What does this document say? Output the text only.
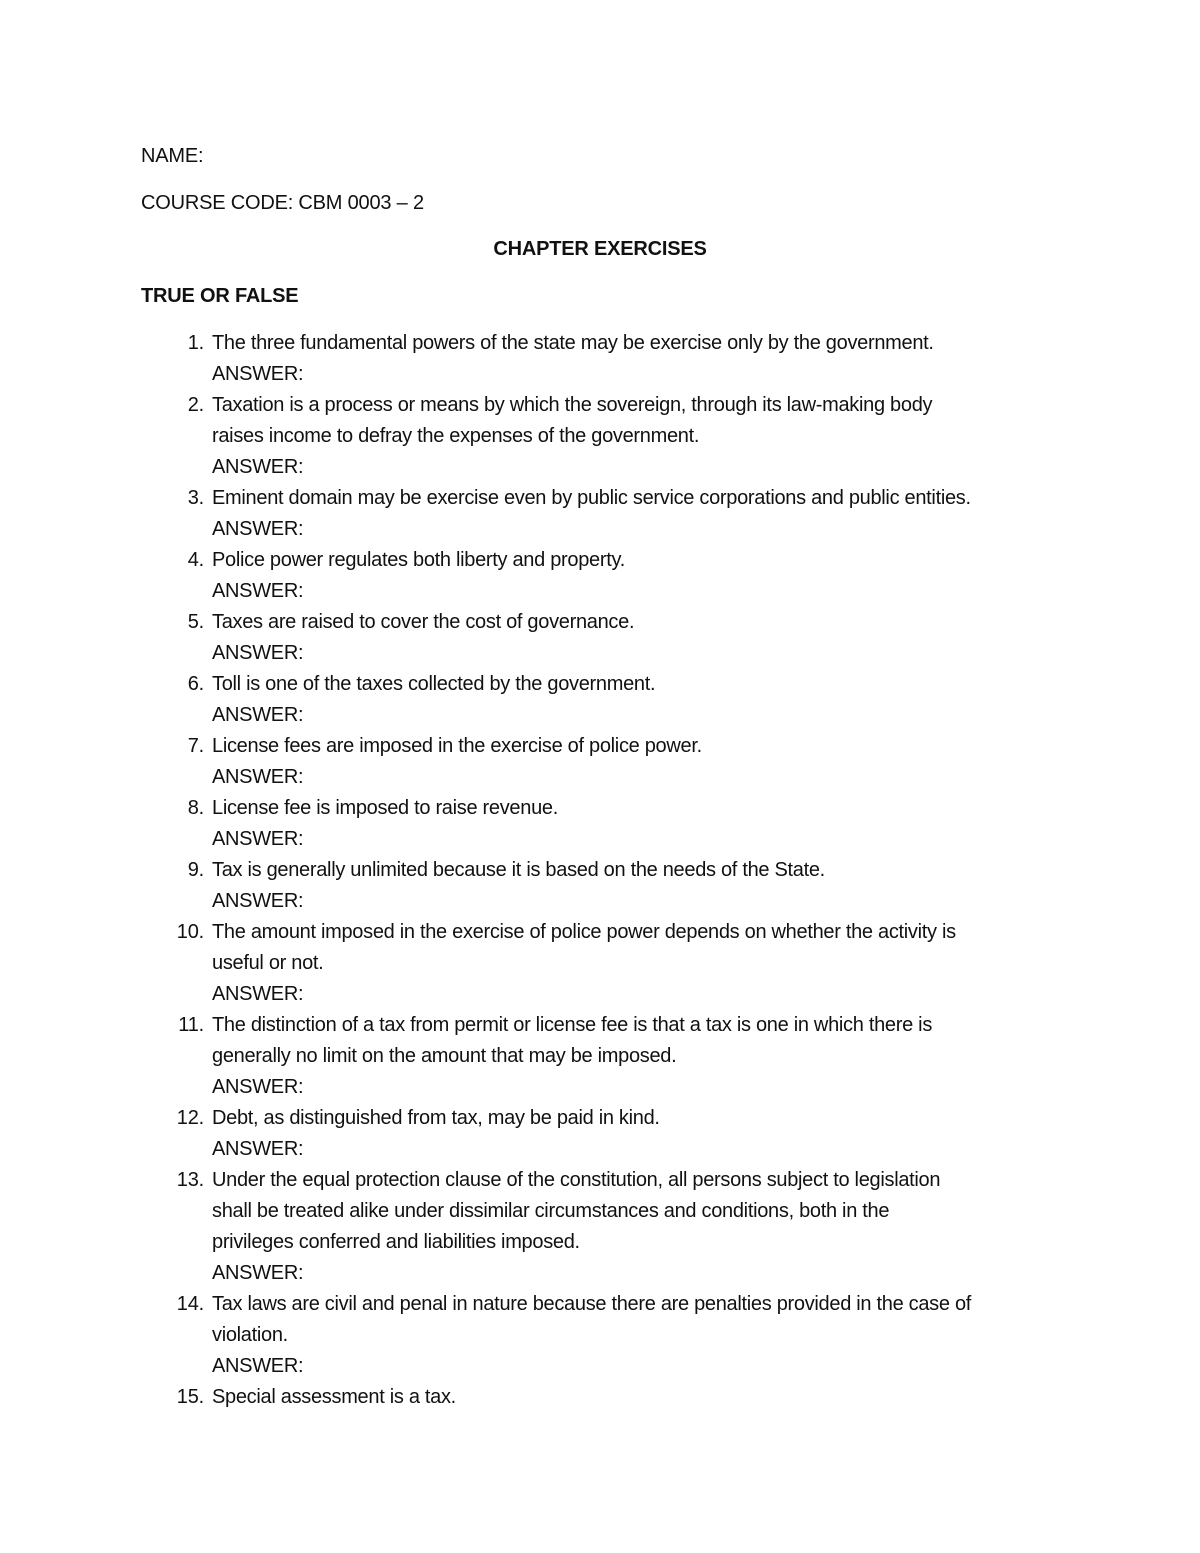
NAME:
COURSE CODE: CBM 0003 – 2
CHAPTER EXERCISES
TRUE OR FALSE
1. The three fundamental powers of the state may be exercise only by the government.
ANSWER:
2. Taxation is a process or means by which the sovereign, through its law-making body
raises income to defray the expenses of the government.
ANSWER:
3. Eminent domain may be exercise even by public service corporations and public entities.
ANSWER:
4. Police power regulates both liberty and property.
ANSWER:
5. Taxes are raised to cover the cost of governance.
ANSWER:
6. Toll is one of the taxes collected by the government.
ANSWER:
7. License fees are imposed in the exercise of police power.
ANSWER:
8. License fee is imposed to raise revenue.
ANSWER:
9. Tax is generally unlimited because it is based on the needs of the State.
ANSWER:
10. The amount imposed in the exercise of police power depends on whether the activity is
useful or not.
ANSWER:
11. The distinction of a tax from permit or license fee is that a tax is one in which there is
generally no limit on the amount that may be imposed.
ANSWER:
12. Debt, as distinguished from tax, may be paid in kind.
ANSWER:
13. Under the equal protection clause of the constitution, all persons subject to legislation
shall be treated alike under dissimilar circumstances and conditions, both in the
privileges conferred and liabilities imposed.
ANSWER:
14. Tax laws are civil and penal in nature because there are penalties provided in the case of
violation.
ANSWER:
15. Special assessment is a tax.
